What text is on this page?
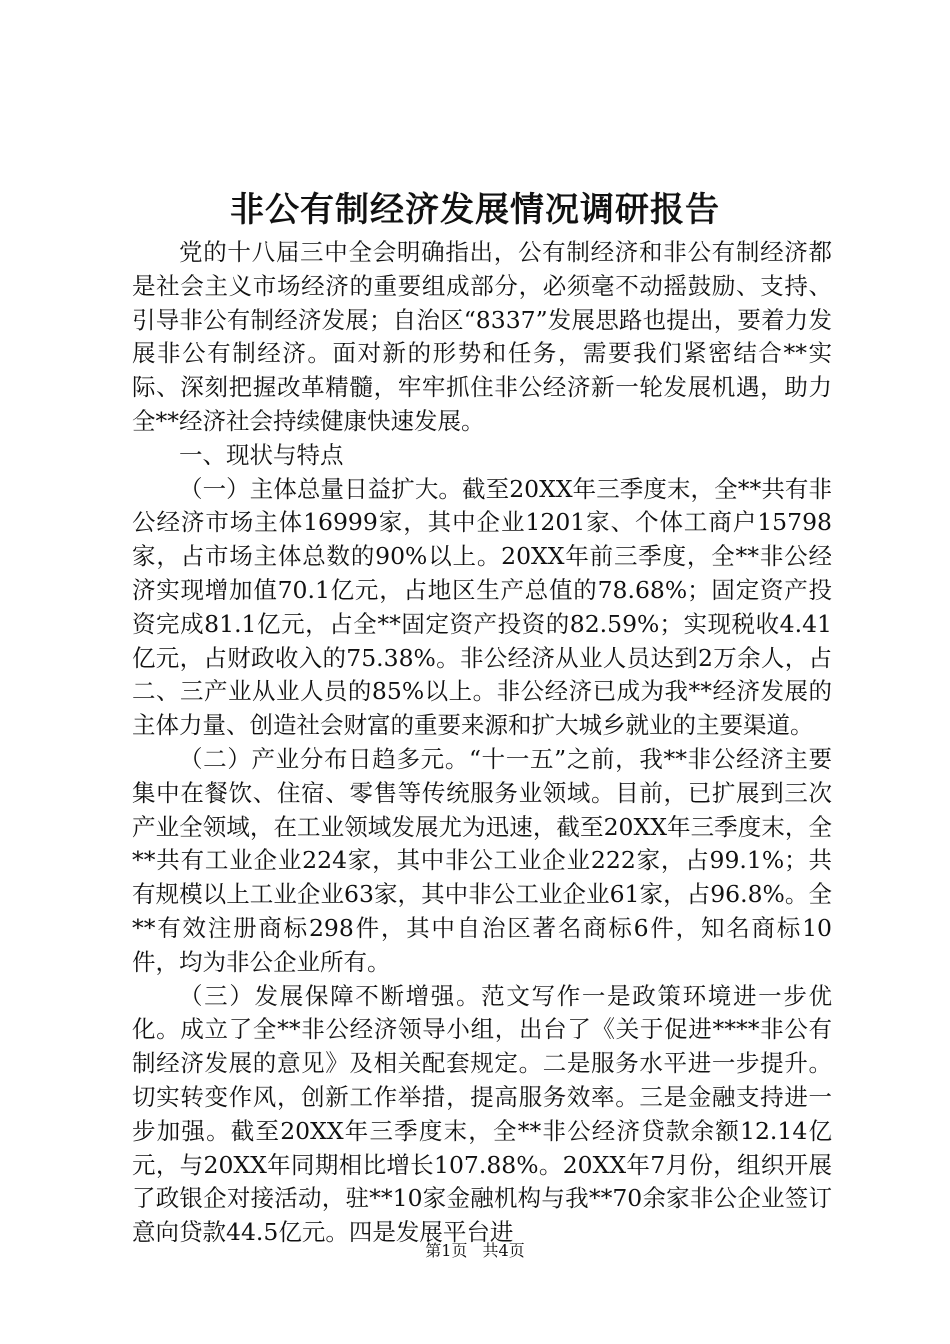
非公有制经济发展情况调研报告

党的十八届三中全会明确指出，公有制经济和非公有制经济都是社会主义市场经济的重要组成部分，必须毫不动摇鼓励、支持、引导非公有制经济发展；自治区“8337”发展思路也提出，要着力发展非公有制经济。面对新的形势和任务，需要我们紧密结合**实际、深刻把握改革精髓，牢牢抓住非公经济新一轮发展机遇，助力全**经济社会持续健康快速发展。

一、现状与特点

（一）主体总量日益扩大。截至20XX年三季度末，全**共有非公经济市场主体16999家，其中企业1201家、个体工商户15798家，占市场主体总数的90%以上。20XX年前三季度，全**非公经济实现增加值70.1亿元，占地区生产总值的78.68%；固定资产投资完成81.1亿元，占全**固定资产投资的82.59%；实现税收4.41亿元，占财政收入的75.38%。非公经济从业人员达到2万余人，占二、三产业从业人员的85%以上。非公经济已成为我**经济发展的主体力量、创造社会财富的重要来源和扩大城乡就业的主要渠道。

（二）产业分布日趋多元。“十一五”之前，我**非公经济主要集中在餐饮、住宿、零售等传统服务业领域。目前，已扩展到三次产业全领域，在工业领域发展尤为迅速，截至20XX年三季度末，全**共有工业企业224家，其中非公工业企业222家，占99.1%；共有规模以上工业企业63家，其中非公工业企业61家，占96.8%。全**有效注册商标298件，其中自治区著名商标6件，知名商标10件，均为非公企业所有。

（三）发展保障不断增强。范文写作一是政策环境进一步优化。成立了全**非公经济领导小组，出台了《关于促进****非公有制经济发展的意见》及相关配套规定。二是服务水平进一步提升。切实转变作风，创新工作举措，提高服务效率。三是金融支持进一步加强。截至20XX年三季度末，全**非公经济贷款余额12.14亿元，与20XX年同期相比增长107.88%。20XX年7月份，组织开展了政银企对接活动，驻**10家金融机构与我**70余家非公企业签订意向贷款44.5亿元。四是发展平台进

第1页 共4页
